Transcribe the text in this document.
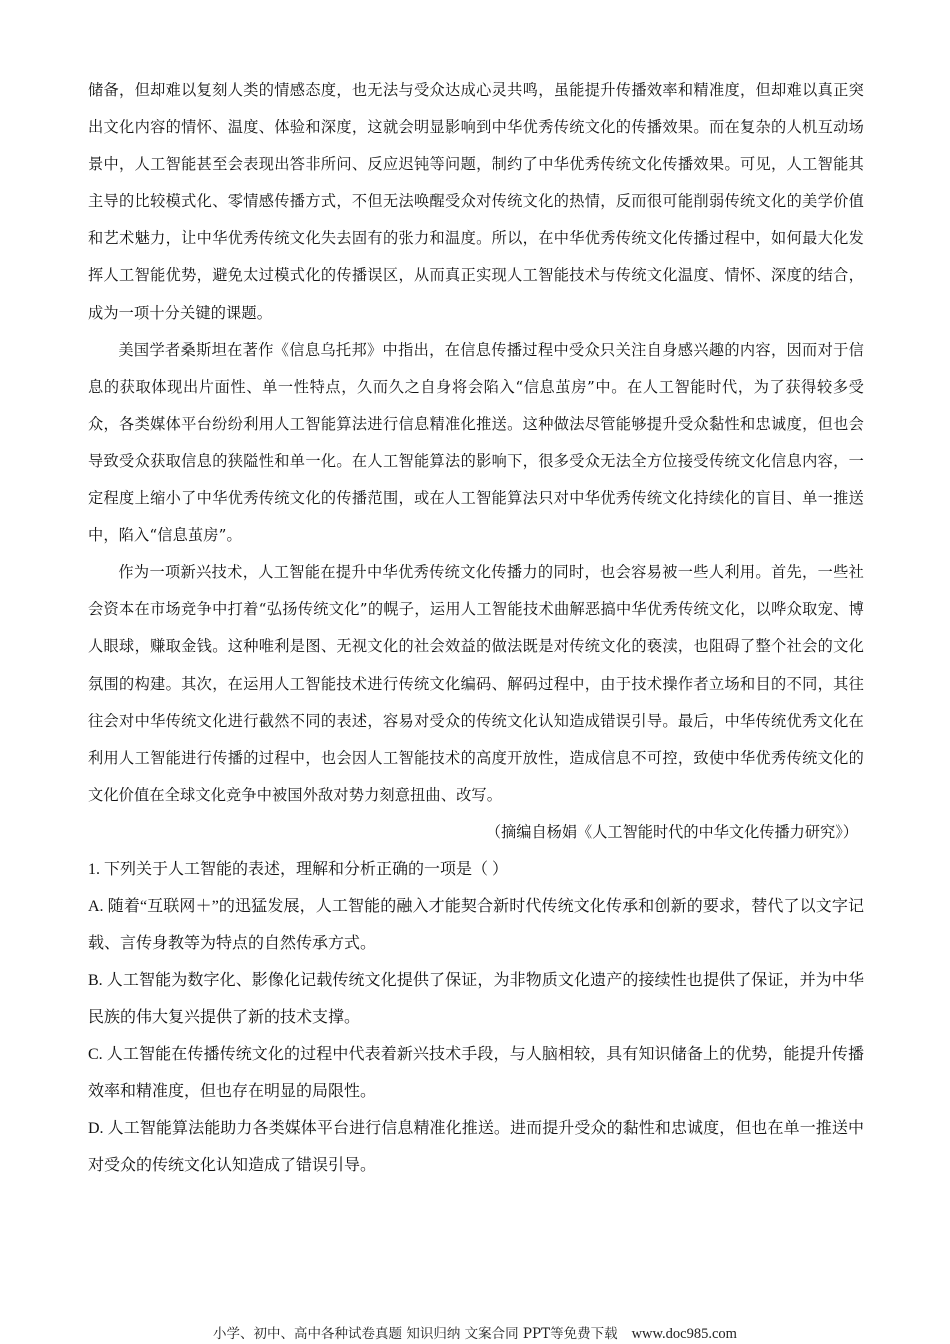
储备，但却难以复刻人类的情感态度，也无法与受众达成心灵共鸣，虽能提升传播效率和精准度，但却难以真正突出文化内容的情怀、温度、体验和深度，这就会明显影响到中华优秀传统文化的传播效果。而在复杂的人机互动场景中，人工智能甚至会表现出答非所问、反应迟钝等问题，制约了中华优秀传统文化传播效果。可见，人工智能其主导的比较模式化、零情感传播方式，不但无法唤醒受众对传统文化的热情，反而很可能削弱传统文化的美学价值和艺术魅力，让中华优秀传统文化失去固有的张力和温度。所以，在中华优秀传统文化传播过程中，如何最大化发挥人工智能优势，避免太过模式化的传播误区，从而真正实现人工智能技术与传统文化温度、情怀、深度的结合，成为一项十分关键的课题。

美国学者桑斯坦在著作《信息乌托邦》中指出，在信息传播过程中受众只关注自身感兴趣的内容，因而对于信息的获取体现出片面性、单一性特点，久而久之自身将会陷入“信息茧房”中。在人工智能时代，为了获得较多受众，各类媒体平台纷纷利用人工智能算法进行信息精准化推送。这种做法尽管能够提升受众黏性和忠诚度，但也会导致受众获取信息的狭隘性和单一化。在人工智能算法的影响下，很多受众无法全方位接受传统文化信息内容，一定程度上缩小了中华优秀传统文化的传播范围，或在人工智能算法只对中华优秀传统文化持续化的盲目、单一推送中，陷入“信息茧房”。

作为一项新兴技术，人工智能在提升中华优秀传统文化传播力的同时，也会容易被一些人利用。首先，一些社会资本在市场竞争中打着“弘扬传统文化”的幌子，运用人工智能技术曲解恶搞中华优秀传统文化，以哗众取宠、博人眼球，赚取金钱。这种唯利是图、无视文化的社会效益的做法既是对传统文化的亵渎，也阻碍了整个社会的文化氛围的构建。其次，在运用人工智能技术进行传统文化编码、解码过程中，由于技术操作者立场和目的不同，其往往会对中华传统文化进行截然不同的表述，容易对受众的传统文化认知造成错误引导。最后，中华传统优秀文化在利用人工智能进行传播的过程中，也会因人工智能技术的高度开放性，造成信息不可控，致使中华优秀传统文化的文化价值在全球文化竞争中被国外敌对势力刻意扭曲、改写。

（摘编自杨娟《人工智能时代的中华文化传播力研究》）

1. 下列关于人工智能的表述，理解和分析正确的一项是（ ）

A. 随着“互联网＋”的迅猛发展，人工智能的融入才能契合新时代传统文化传承和创新的要求，替代了以文字记载、言传身教等为特点的自然传承方式。

B. 人工智能为数字化、影像化记载传统文化提供了保证，为非物质文化遗产的接续性也提供了保证，并为中华民族的伟大复兴提供了新的技术支撑。

C. 人工智能在传播传统文化的过程中代表着新兴技术手段，与人脑相较，具有知识储备上的优势，能提升传播效率和精准度，但也存在明显的局限性。

D. 人工智能算法能助力各类媒体平台进行信息精准化推送。进而提升受众的黏性和忠诚度，但也在单一推送中对受众的传统文化认知造成了错误引导。

小学、初中、高中各种试卷真题 知识归纳 文案合同 PPT等免费下载 www.doc985.com
